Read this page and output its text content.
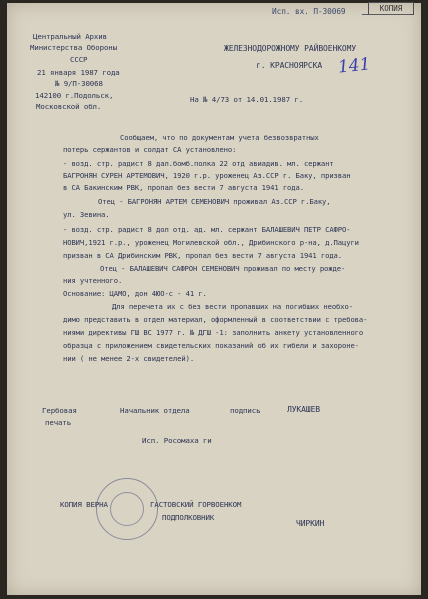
Исп. вх. П-30069	КОПИЯ
Центральный Архив
Министерства Обороны
СССР
21 января 1987 года
№ 9/П-30068
142100 г.Подольск,
Московской обл.
ЖЕЛЕЗНОДОРОЖНОМУ РАЙВОЕНКОМУ
г. КРАСНОЯРСКА 141
На № 4/73 от 14.01.1987 г.
Сообщаем, что по документам учета безвозвратных
потерь сержантов и солдат СА установлено:
- возд. стр. радист 8 дал.бомб.полка 22 отд авиадив. мл. сержант
БАГРОНЯН СУРЕН АРТЕМОВИЧ, 1920 г.р. уроженец Аз.ССР г. Баку, призван
в СА Бакинским РВК, пропал без вести 7 августа 1941 года.
Отец - БАГРОНЯН АРТЕМ СЕМЕНОВИЧ проживал Аз.ССР г.Баку,
ул. Зевина.
- возд. стр. радист 8 дол отд. ад. мл. сержант БАЛАШЕВИЧ ПЕТР САФРО-
НОВИЧ,1921 г.р., уроженец Могилевской обл., Дрибинского р-на, д.Пацуги
призван в СА Дрибинским РВК, пропал без вести 7 августа 1941 года.
Отец - БАЛАШЕВИЧ САФРОН СЕМЕНОВИЧ проживал по месту рожде-
ния учтенного.
Основание: ЦАМО, дон 4ЮО-с - 41 г.
Для перечета их с без вести пропавших на погибших необхо-
димо представить в отдел материал, оформленный в соответствии с требова-
ниями директивы ГШ ВС 1977 г. № ДГШ -1: заполнить анкету установленного
образца с приложением свидетельских показаний об их гибели и захороне-
нии ( не менее 2-х свидетелей).
Гербовая
печать
Начальник отдела	подпись	ЛУКАШЕВ
Исп. Росомаха ги
КОПИЯ ВЕРНА	ГАСТОВСКИЙ ГОРВОЕНКОМ
ПОДПОЛКОВНИК
ЧИРКИН
